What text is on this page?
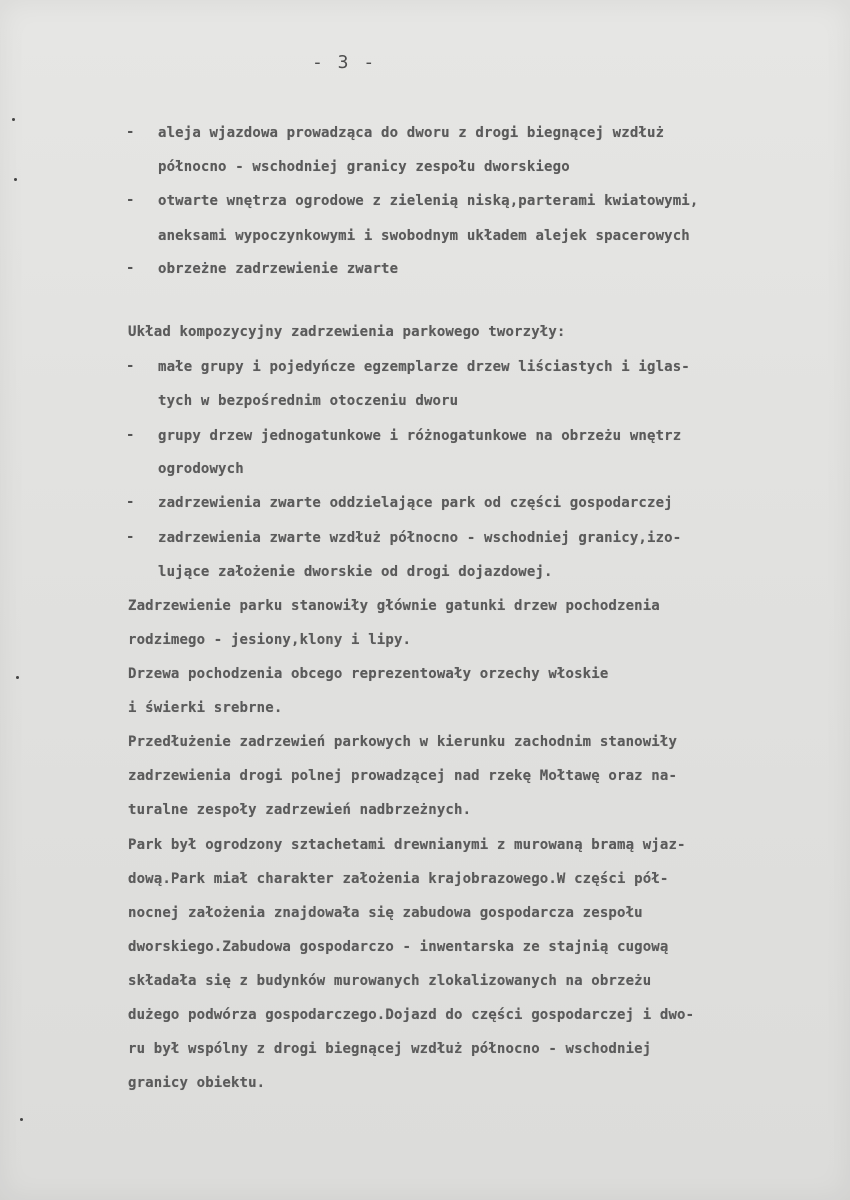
- 3 -
-
-
-
-
-
-
-
aleja wjazdowa prowadząca do dworu z drogi biegnącej wzdłuż
północno - wschodniej granicy zespołu dworskiego
otwarte wnętrza ogrodowe z zielenią niską,parterami kwiatowymi,
aneksami wypoczynkowymi i swobodnym układem alejek spacerowych
obrzeżne zadrzewienie zwarte
Układ kompozycyjny zadrzewienia parkowego tworzyły:
małe grupy i pojedyńcze egzemplarze drzew liściastych i iglas-
tych w bezpośrednim otoczeniu dworu
grupy drzew jednogatunkowe i różnogatunkowe na obrzeżu wnętrz
ogrodowych
zadrzewienia zwarte oddzielające park od części gospodarczej
zadrzewienia zwarte wzdłuż północno - wschodniej granicy,izo-
lujące założenie dworskie od drogi dojazdowej.
Zadrzewienie parku stanowiły głównie gatunki drzew pochodzenia
rodzimego - jesiony,klony i lipy.
Drzewa pochodzenia obcego reprezentowały orzechy włoskie
i świerki srebrne.
Przedłużenie zadrzewień parkowych w kierunku zachodnim stanowiły
zadrzewienia drogi polnej prowadzącej nad rzekę Mołtawę oraz na-
turalne zespoły zadrzewień nadbrzeżnych.
Park był ogrodzony sztachetami drewnianymi z murowaną bramą wjaz-
dową.Park miał charakter założenia krajobrazowego.W części pół-
nocnej założenia znajdowała się zabudowa gospodarcza zespołu
dworskiego.Zabudowa gospodarczo - inwentarska ze stajnią cugową
składała się z budynków murowanych zlokalizowanych na obrzeżu
dużego podwórza gospodarczego.Dojazd do części gospodarczej i dwo-
ru był wspólny z drogi biegnącej wzdłuż północno - wschodniej
granicy obiektu.
